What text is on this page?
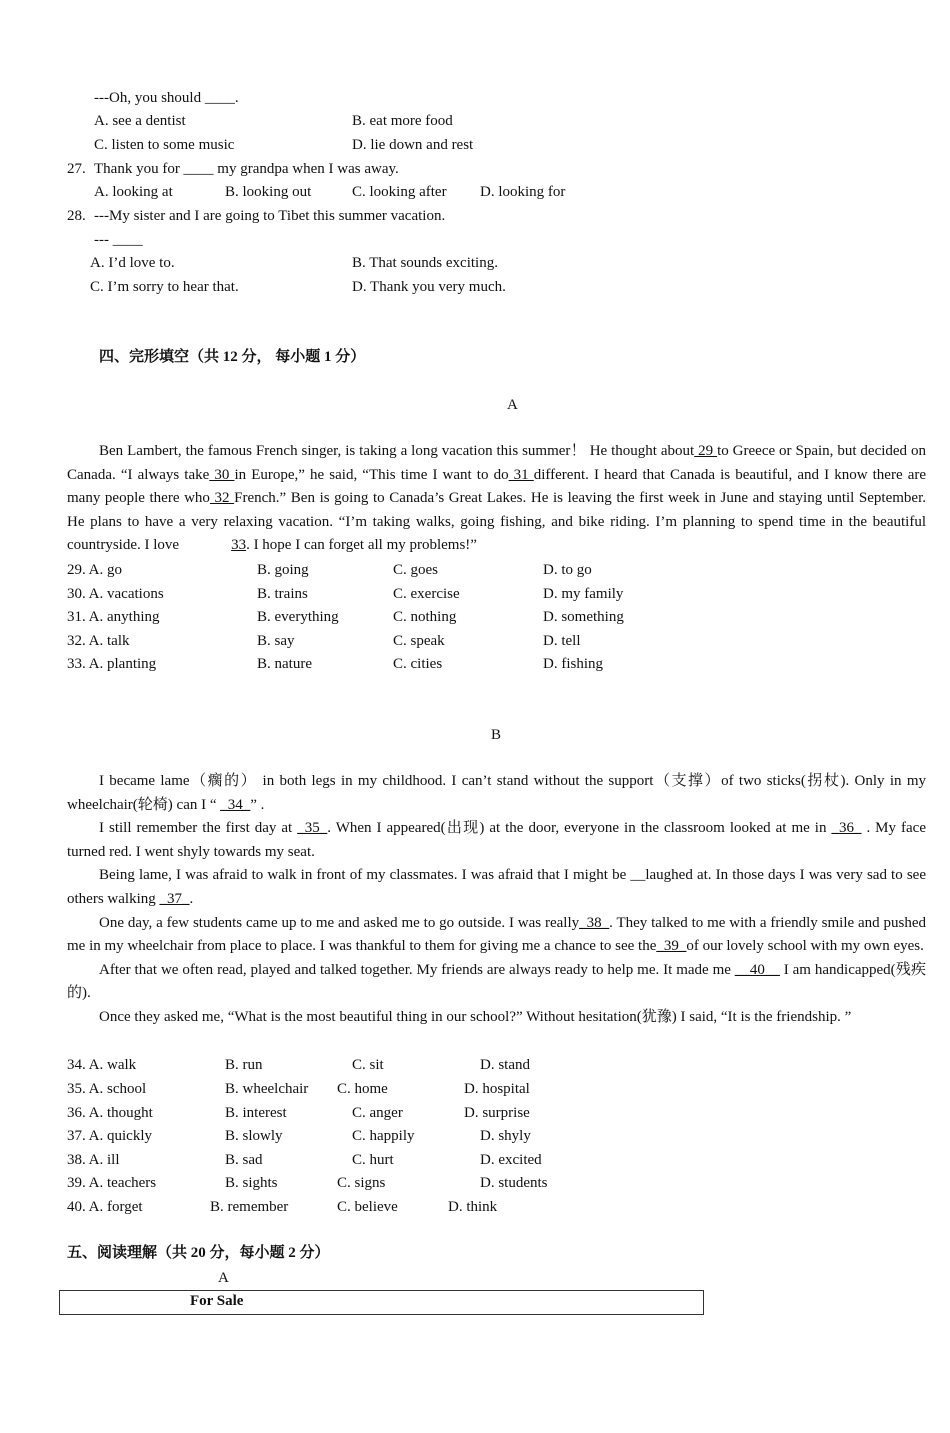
---Oh, you should ____.
A. see a dentist	B. eat more food
C. listen to some music	D. lie down and rest
27. Thank you for ____ my grandpa when I was away.
A. looking at	B. looking out	C. looking after D. looking for
28. ---My sister and I are going to Tibet this summer vacation.
--- ____
A. I’d love to.	B. That sounds exciting.
C. I’m sorry to hear that.	D. Thank you very much.
四、完形填空（共 12 分， 每小题 1 分）
A

Ben Lambert, the famous French singer, is taking a long vacation this summer！ He thought about 29 to Greece or Spain, but decided on Canada. “I always take 30 in Europe,” he said, “This time I want to do 31 different. I heard that Canada is beautiful, and I know there are many people there who 32 French.” Ben is going to Canada’s Great Lakes. He is leaving the first week in June and staying until September. He plans to have a very relaxing vacation. “I’m taking walks, going fishing, and bike riding. I’m planning to spend time in the beautiful countryside. I love	33. I hope I can forget all my problems!”

29. A. go	B. going	C. goes	D. to go
30. A. vacations	B. trains	C. exercise	D. my family
31. A. anything	B. everything	C. nothing	D. something
32. A. talk	B. say	C. speak	D. tell
33. A. planting	B. nature	C. cities	D. fishing
B

I became lame（瘸的） in both legs in my childhood. I can’t stand without the support（支撑）of two sticks(拐杖). Only in my wheelchair(轮椅) can I “ _34_” .

I still remember the first day at _35_. When I appeared(出现) at the door, everyone in the classroom looked at me in _36_ . My face turned red. I went shyly towards my seat.

Being lame, I was afraid to walk in front of my classmates. I was afraid that I might be __laughed at. In those days I was very sad to see others walking _37_.

One day, a few students came up to me and asked me to go outside. I was really_38_. They talked to me with a friendly smile and pushed me in my wheelchair from place to place. I was thankful to them for giving me a chance to see the_39_of our lovely school with my own eyes.

After that we often read, played and talked together. My friends are always ready to help me. It made me __40__ I am handicapped(残疾的).

Once they asked me, “What is the most beautiful thing in our school?” Without hesitation(犹豫) I said, “It is the friendship. ”

34. A. walk	B. run	C. sit	D. stand
35. A. school	B. wheelchair C. home	D. hospital
36. A. thought	B. interest	C. anger	D. surprise
37. A. quickly	B. slowly	C. happily	D. shyly
38. A. ill	B. sad	C. hurt	D. excited
39. A. teachers	B. sights	C. signs	D. students
40. A. forget	B. remember	C. believe	D. think
五、阅读理解（共 20 分，每小题 2 分）
A
For Sale
